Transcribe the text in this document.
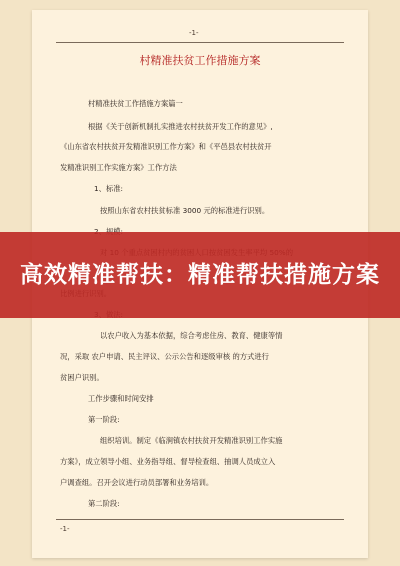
-1-
村精准扶贫工作措施方案
村精准扶贫工作措施方案篇一
根据《关于创新机制扎实推进农村扶贫开发工作的意见》,
《山东省农村扶贫开发精准识别工作方案》和《平邑县农村扶贫开
发精准识别工作实施方案》工作方法
1、标准:
按照山东省农村扶贫标准 3000 元的标准进行识别。
以农户收入为基本依据，综合考虑住房、教育、健康等情
况，采取 农户申请、民主评议、公示公告和逐级审核 的方式进行
贫困户识别。
工作步骤和时间安排
第一阶段:
组织培训。制定《临涧镇农村扶贫开发精准识别工作实施
方案》，成立领导小组、业务指导组、督导检查组、抽调人员成立入
户调查组。召开会议进行动员部署和业务培训。
第二阶段:
-1-
高效精准帮扶：精准帮扶措施方案
